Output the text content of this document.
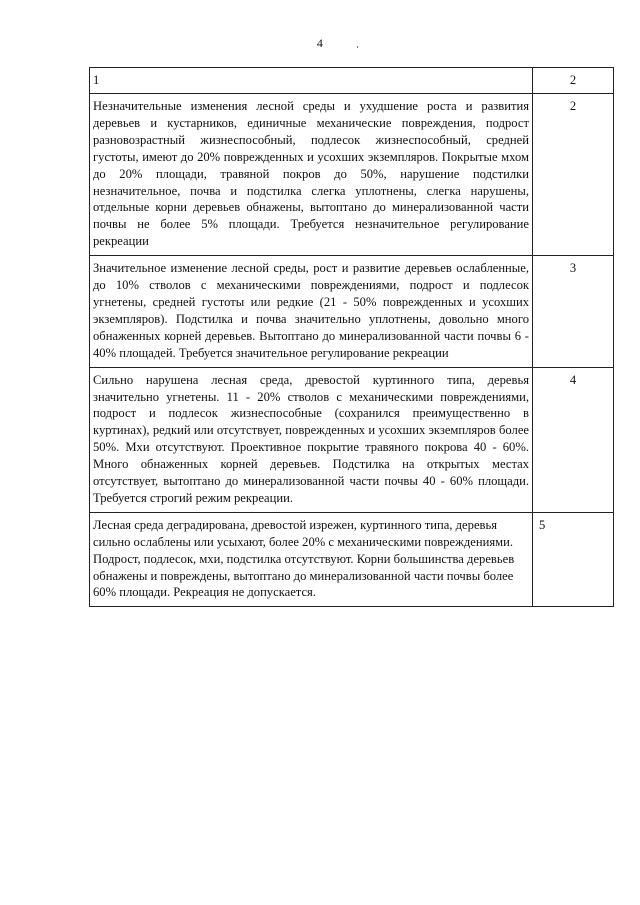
4
1	2
Незначительные изменения лесной среды и ухудшение роста и развития деревьев и кустарников, единичные механические повреждения, подрост разновозрастный жизнеспособный, подлесок жизнеспособный, средней густоты, имеют до 20% поврежденных и усохших экземпляров. Покрытые мхом до 20% площади, травяной покров до 50%, нарушение подстилки незначительное, почва и подстилка слегка уплотнены, слегка нарушены, отдельные корни деревьев обнажены, вытоптано до минерализованной части почвы не более 5% площади. Требуется незначительное регулирование рекреации	2
Значительное изменение лесной среды, рост и развитие деревьев ослабленные, до 10% стволов с механическими повреждениями, подрост и подлесок угнетены, средней густоты или редкие (21 - 50% поврежденных и усохших экземпляров). Подстилка и почва значительно уплотнены, довольно много обнаженных корней деревьев. Вытоптано до минерализованной части почвы 6 - 40% площадей. Требуется значительное регулирование рекреации	3
Сильно нарушена лесная среда, древостой куртинного типа, деревья значительно угнетены. 11 - 20% стволов с механическими повреждениями, подрост и подлесок жизнеспособные (сохранился преимущественно в куртинах), редкий или отсутствует, поврежденных и усохших экземпляров более 50%. Мхи отсутствуют. Проективное покрытие травяного покрова 40 - 60%. Много обнаженных корней деревьев. Подстилка на открытых местах отсутствует, вытоптано до минерализованной части почвы 40 - 60% площади. Требуется строгий режим рекреации.	4
Лесная среда деградирована, древостой изрежен, куртинного типа, деревья сильно ослаблены или усыхают, более 20% с механическими повреждениями. Подрост, подлесок, мхи, подстилка отсутствуют. Корни большинства деревьев обнажены и повреждены, вытоптано до минерализованной части почвы более 60% площади. Рекреация не допускается.	5
